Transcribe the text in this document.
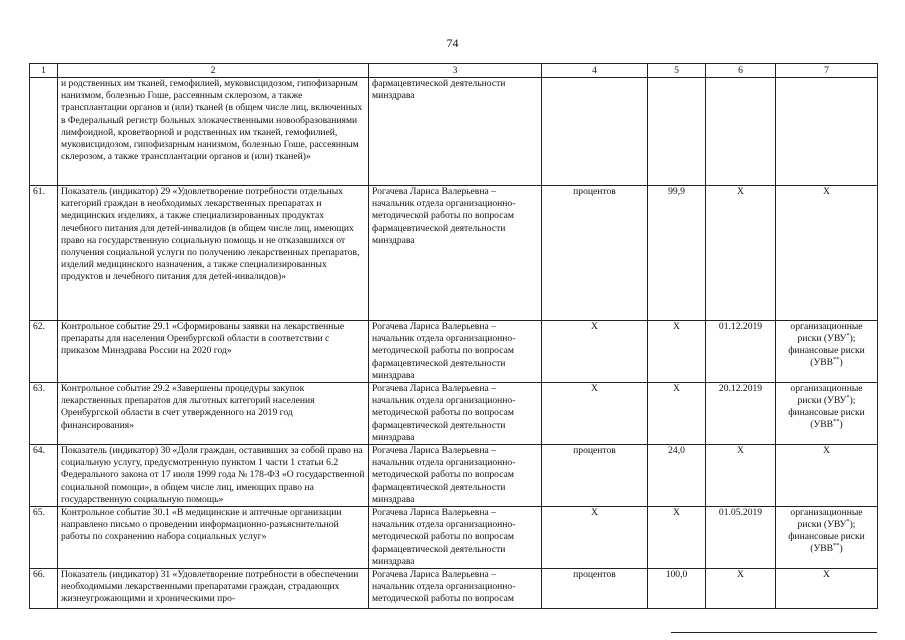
74
1	2	3	4	5	6	7
	и родственных им тканей, гемофилией, муковисцидозом, гипофизарным нанизмом, болезнью Гоше, рассеянным склерозом, а также трансплантации органов и (или) тканей (в общем числе лиц, включенных в Федеральный регистр больных злокачественными новообразованиями лимфоидной, кроветворной и родственных им тканей, гемофилией, муковисцидозом, гипофизарным нанизмом, болезнью Гоше, рассеянным склерозом, а также трансплантации органов и (или) тканей)»	фармацевтической деятельности минздрава				
61.	Показатель (индикатор) 29 «Удовлетворение потребности отдельных категорий граждан в необходимых лекарственных препаратах и медицинских изделиях, а также специализированных продуктах лечебного питания для детей-инвалидов (в общем числе лиц, имеющих право на государственную социальную помощь и не отказавшихся от получения социальной услуги по получению лекарственных препаратов, изделий медицинского назначения, а также специализированных продуктов и лечебного питания для детей-инвалидов)»	Рогачева Лариса Валерьевна – начальник отдела организационно-методической работы по вопросам фармацевтической деятельности минздрава	процентов	99,9	X	X
62.	Контрольное событие 29.1 «Сформированы заявки на лекарственные препараты для населения Оренбургской области в соответствии с приказом Минздрава России на 2020 год»	Рогачева Лариса Валерьевна – начальник отдела организационно-методической работы по вопросам фармацевтической деятельности минздрава	X	X	01.12.2019	организационные риски (УВУ*); финансовые риски (УВВ**)
63.	Контрольное событие 29.2 «Завершены процедуры закупок лекарственных препаратов для льготных категорий населения Оренбургской области в счет утвержденного на 2019 год финансирования»	Рогачева Лариса Валерьевна – начальник отдела организационно-методической работы по вопросам фармацевтической деятельности минздрава	X	X	20.12.2019	организационные риски (УВУ*); финансовые риски (УВВ**)
64.	Показатель (индикатор) 30 «Доля граждан, оставивших за собой право на социальную услугу, предусмотренную пунктом 1 части 1 статьи 6.2 Федерального закона от 17 июля 1999 года № 178-ФЗ «О государственной социальной помощи», в общем числе лиц, имеющих право на государственную социальную помощь»	Рогачева Лариса Валерьевна – начальник отдела организационно-методической работы по вопросам фармацевтической деятельности минздрава	процентов	24,0	X	X
65.	Контрольное событие 30.1 «В медицинские и аптечные организации направлено письмо о проведении информационно-разъяснительной работы по сохранению набора социальных услуг»	Рогачева Лариса Валерьевна – начальник отдела организационно-методической работы по вопросам фармацевтической деятельности минздрава	X	X	01.05.2019	организационные риски (УВУ*); финансовые риски (УВВ**)
66.	Показатель (индикатор) 31 «Удовлетворение потребности в обеспечении необходимыми лекарственными препаратами граждан, страдающих жизнеугрожающими и хроническими про-	Рогачева Лариса Валерьевна – начальник отдела организационно-методической работы по вопросам	процентов	100,0	X	X
